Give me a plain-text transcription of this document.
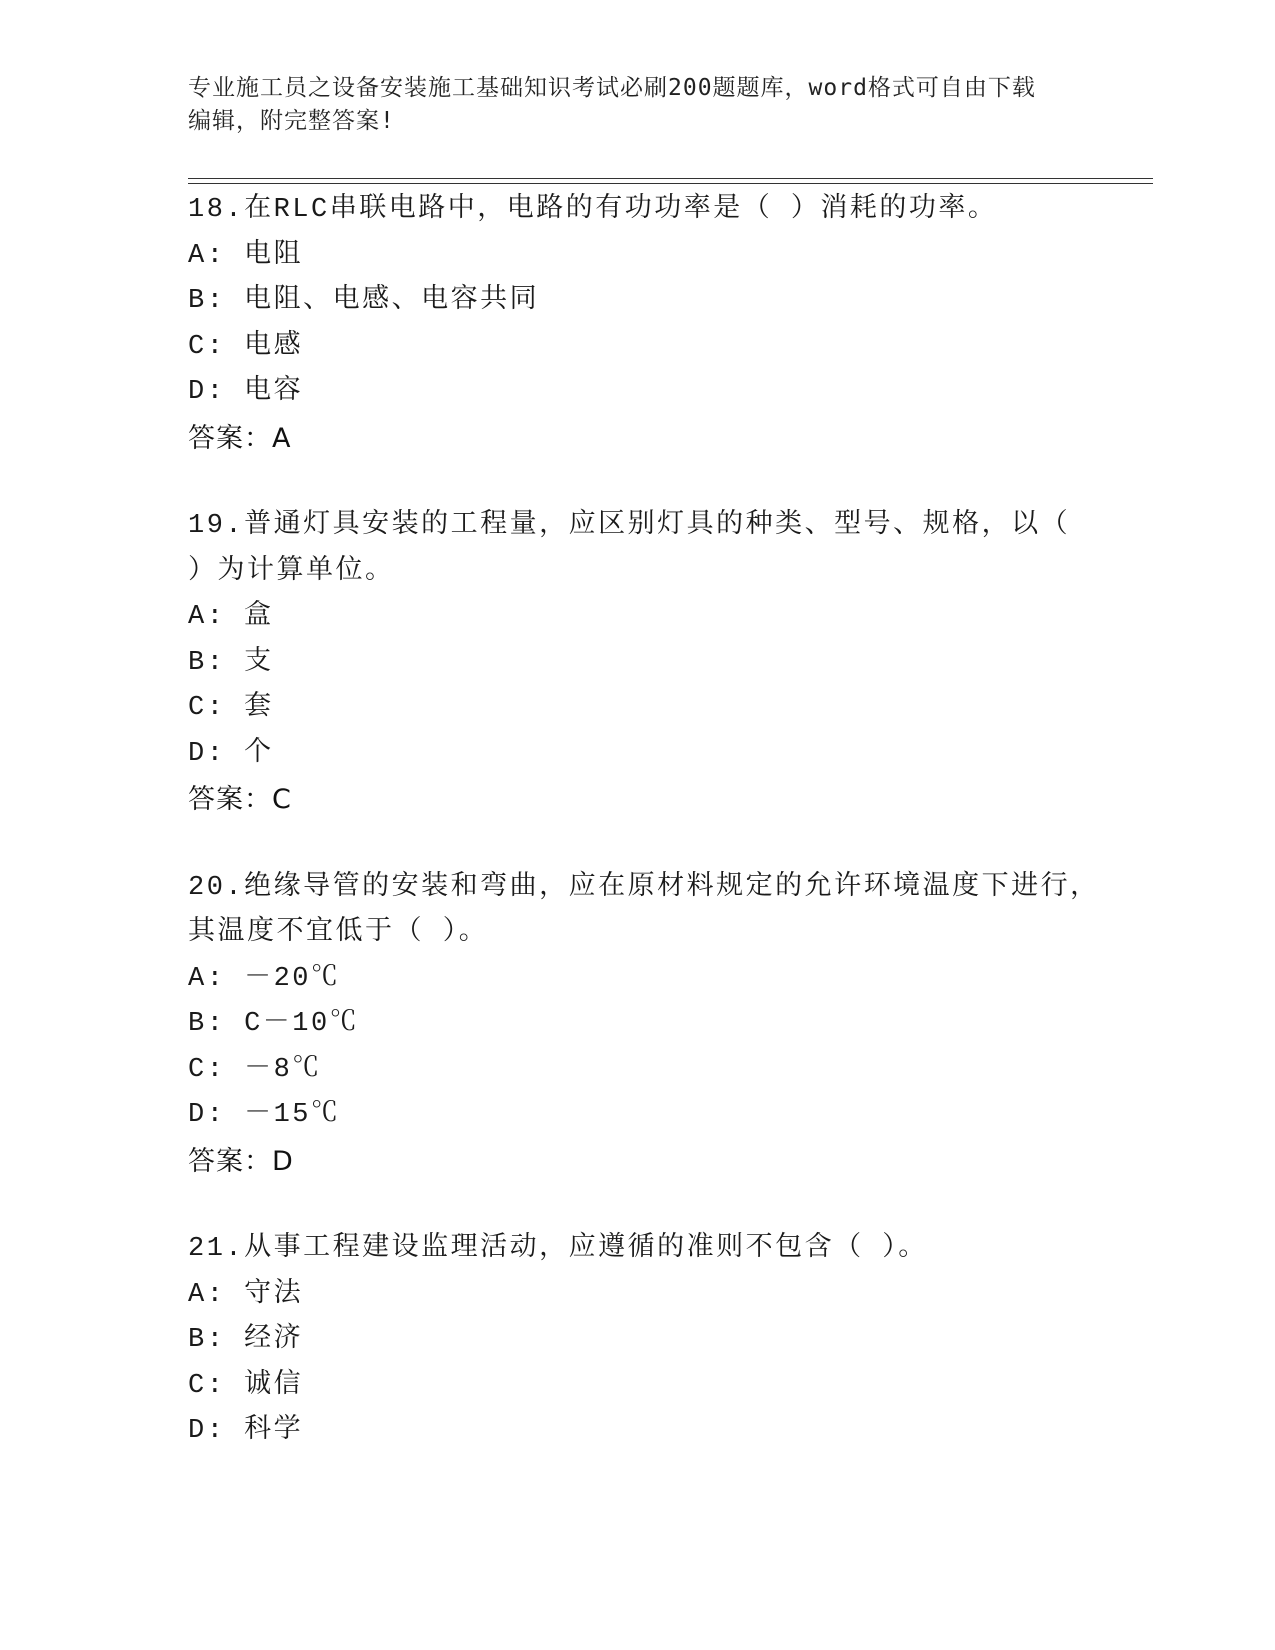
专业施工员之设备安装施工基础知识考试必刷200题题库，word格式可自由下载
编辑，附完整答案!
18.在RLC串联电路中，电路的有功功率是（ ）消耗的功率。
A: 电阻
B: 电阻、电感、电容共同
C: 电感
D: 电容
答案：A
19.普通灯具安装的工程量，应区别灯具的种类、型号、规格，以（
）为计算单位。
A: 盒
B: 支
C: 套
D: 个
答案：C
20.绝缘导管的安装和弯曲，应在原材料规定的允许环境温度下进行，
其温度不宜低于（ ）。
A: －20℃
B: C－10℃
C: －8℃
D: －15℃
答案：D
21.从事工程建设监理活动，应遵循的准则不包含（ ）。
A: 守法
B: 经济
C: 诚信
D: 科学
